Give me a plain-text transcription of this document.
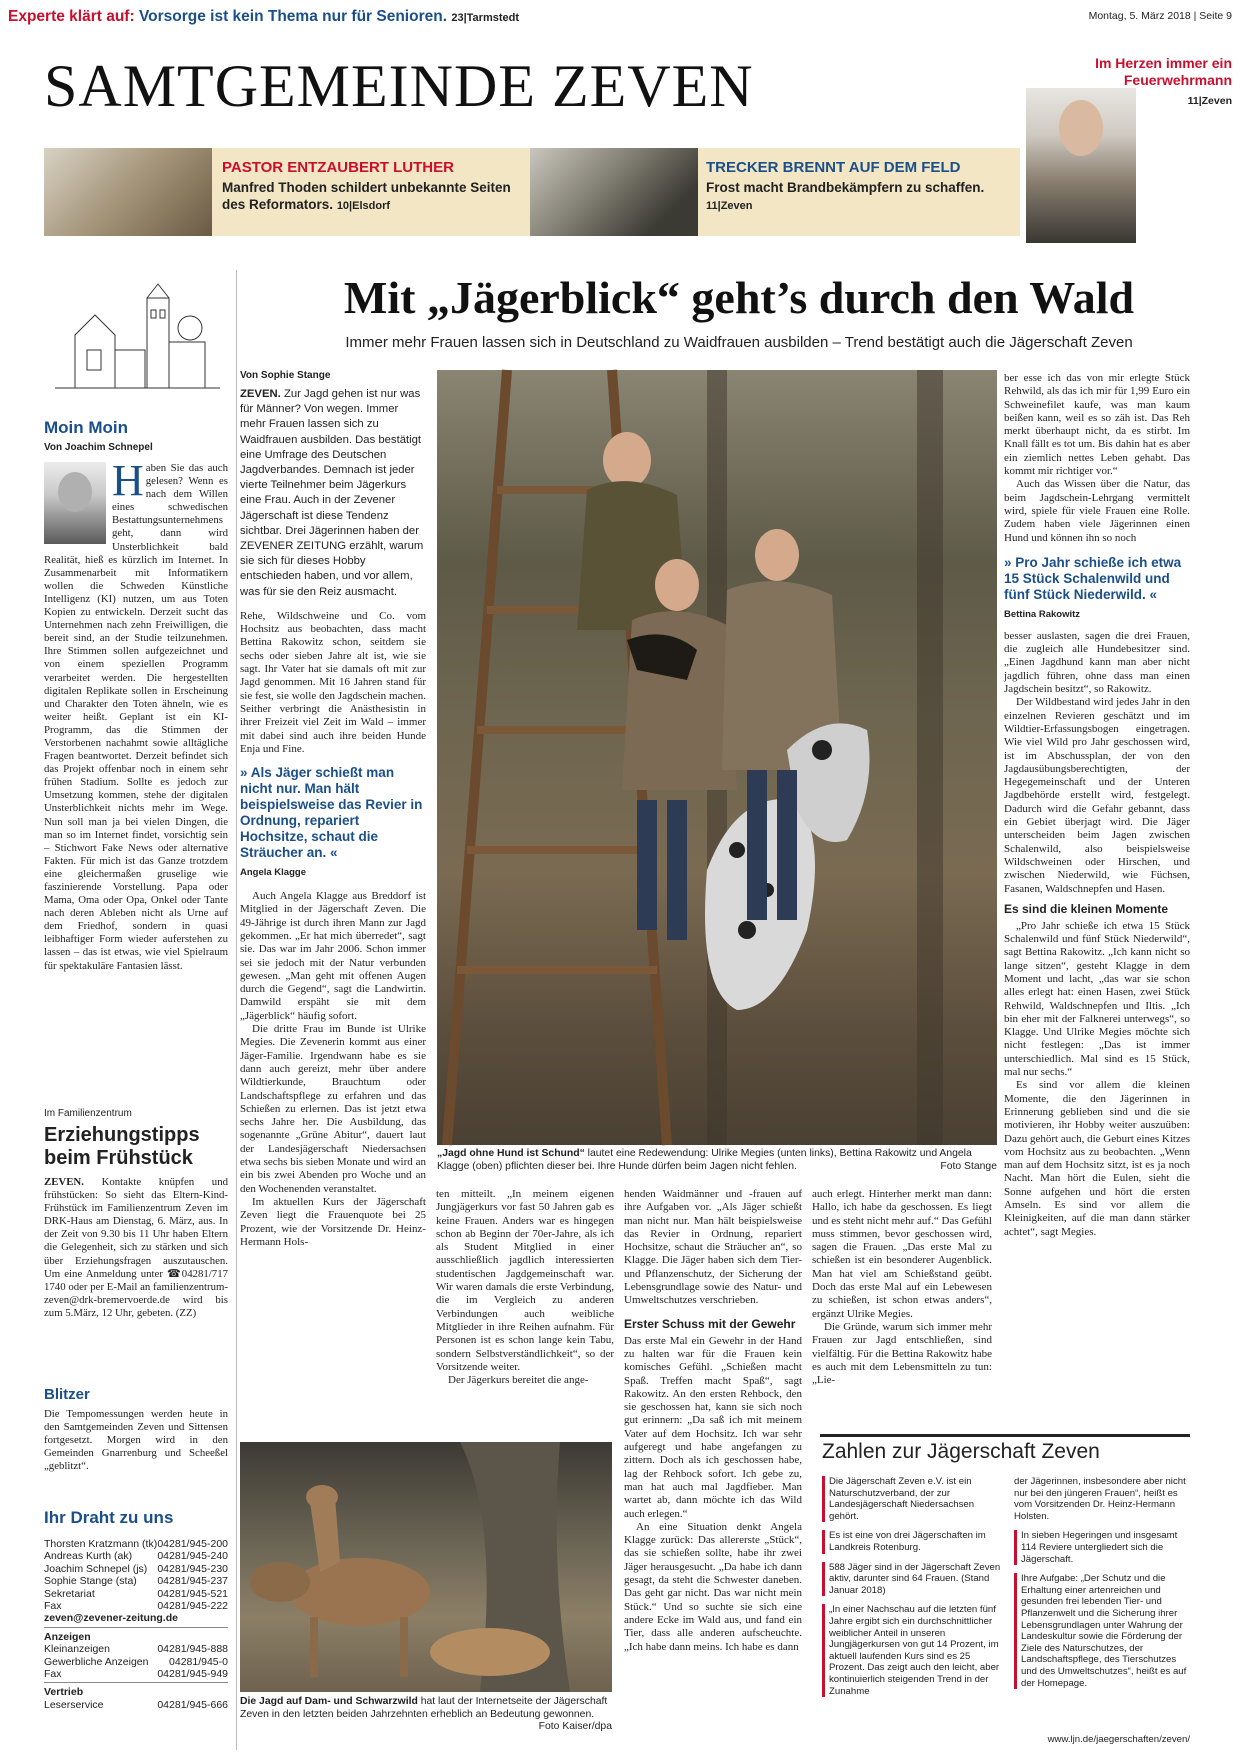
Experte klärt auf: Vorsorge ist kein Thema nur für Senioren. 23|Tarmstedt	Montag, 5. März 2018 | Seite 9
SAMTGEMEINDE ZEVEN	Im Herzen immer ein Feuerwehrmann
11|Zeven
PASTOR ENTZAUBERT LUTHER
Manfred Thoden schildert unbekannte Seiten des Reformators. 10|Elsdorf
TRECKER BRENNT AUF DEM FELD
Frost macht Brandbekämpfern zu schaffen. 11|Zeven
Moin Moin
Von Joachim Schnepel
H aben Sie das auch gelesen? Wenn es nach dem Willen eines schwedischen Bestattungsunternehmens geht, dann wird Unsterblichkeit bald Realität, hieß es kürzlich im Internet. In Zusammenarbeit mit Informatikern wollen die Schweden Künstliche Intelligenz (KI) nutzen, um aus Toten Kopien zu entwickeln. Derzeit sucht das Unternehmen nach zehn Freiwilligen, die bereit sind, an der Studie teilzunehmen. Ihre Stimmen sollen aufgezeichnet und von einem speziellen Programm verarbeitet werden. Die hergestellten digitalen Replikate sollen in Erscheinung und Charakter den Toten ähneln, wie es weiter heißt. Geplant ist ein KI-Programm, das die Stimmen der Verstorbenen nachahmt sowie alltägliche Fragen beantwortet. Derzeit befindet sich das Projekt offenbar noch in einem sehr frühen Stadium. Sollte es jedoch zur Umsetzung kommen, stehe der digitalen Unsterblichkeit nichts mehr im Wege. Nun soll man ja bei vielen Dingen, die man so im Internet findet, vorsichtig sein – Stichwort Fake News oder alternative Fakten. Für mich ist das Ganze trotzdem eine gleichermaßen gruselige wie faszinierende Vorstellung. Papa oder Mama, Oma oder Opa, Onkel oder Tante nach deren Ableben nicht als Urne auf dem Friedhof, sondern in quasi leibhaftiger Form wieder auferstehen zu lassen – das ist etwas, wie viel Spielraum für spektakuläre Fantasien lässt.
Im Familienzentrum
Erziehungstipps beim Frühstück
ZEVEN. Kontakte knüpfen und frühstücken: So sieht das Eltern-Kind-Frühstück im Familienzentrum Zeven im DRK-Haus am Dienstag, 6. März, aus. In der Zeit von 9.30 bis 11 Uhr haben Eltern die Gelegenheit, sich zu stärken und sich über Erziehungsfragen auszutauschen. Um eine Anmeldung unter ☎04281/717 1740 oder per E-Mail an familienzentrum-zeven@drk-bremervoerde.de wird bis zum 5.März, 12 Uhr, gebeten. (ZZ)
Blitzer
Die Tempomessungen werden heute in den Samtgemeinden Zeven und Sittensen fortgesetzt. Morgen wird in den Gemeinden Gnarrenburg und Scheeßel „geblitzt“.
Ihr Draht zu uns
Thorsten Kratzmann (tk) 04281/945-200
Andreas Kurth (ak) 04281/945-240
Joachim Schnepel (js) 04281/945-230
Sophie Stange (sta) 04281/945-237
Sekretariat	04281/945-521
Fax	04281/945-222
zeven@zevener-zeitung.de
Anzeigen
Kleinanzeigen	04281/945-888
Gewerbliche Anzeigen 04281/945-0
Fax	04281/945-949
Vertrieb
Leserservice	04281/945-666
Mit „Jägerblick“ geht’s durch den Wald
Immer mehr Frauen lassen sich in Deutschland zu Waidfrauen ausbilden – Trend bestätigt auch die Jägerschaft Zeven
Von Sophie Stange
ZEVEN. Zur Jagd gehen ist nur was für Männer? Von wegen. Immer mehr Frauen lassen sich zu Waidfrauen ausbilden. Das bestätigt eine Umfrage des Deutschen Jagdverbandes. Demnach ist jeder vierte Teilnehmer beim Jägerkurs eine Frau. Auch in der Zevener Jägerschaft ist diese Tendenz sichtbar. Drei Jägerinnen haben der ZEVENER ZEITUNG erzählt, warum sie sich für dieses Hobby entschieden haben, und vor allem, was für sie den Reiz ausmacht.
Rehe, Wildschweine und Co. vom Hochsitz aus beobachten, dass macht Bettina Rakowitz schon, seitdem sie sechs oder sieben Jahre alt ist, wie sie sagt. Ihr Vater hat sie damals oft mit zur Jagd genommen. Mit 16 Jahren stand für sie fest, sie wolle den Jagdschein machen. Seither verbringt die Anästhesistin in ihrer Freizeit viel Zeit im Wald – immer mit dabei sind auch ihre beiden Hunde Enja und Fine.
» Als Jäger schießt man nicht nur. Man hält beispielsweise das Revier in Ordnung, repariert Hochsitze, schaut die Sträucher an. «
Angela Klagge
Auch Angela Klagge aus Breddorf ist Mitglied in der Jägerschaft Zeven. Die 49-Jährige ist durch ihren Mann zur Jagd gekommen. „Er hat mich überredet“, sagt sie. Das war im Jahr 2006. Schon immer sei sie jedoch mit der Natur verbunden gewesen. „Man geht mit offenen Augen durch die Gegend“, sagt die Landwirtin. Damwild erspäht sie mit dem „Jägerblick“ häufig sofort.
Die dritte Frau im Bunde ist Ulrike Megies. Die Zevenerin kommt aus einer Jäger-Familie. Irgendwann habe es sie dann auch gereizt, mehr über andere Wildtierkunde, Brauchtum oder Landschaftspflege zu erfahren und das Schießen zu erlernen. Das ist jetzt etwa sechs Jahre her. Die Ausbildung, das sogenannte „Grüne Abitur“, dauert laut der Landesjägerschaft Niedersachsen etwa sechs bis sieben Monate und wird an ein bis zwei Abenden pro Woche und an den Wochenenden veranstaltet.
Im aktuellen Kurs der Jägerschaft Zeven liegt die Frauenquote bei 25 Prozent, wie der Vorsitzende Dr. Heinz-Hermann Hols-
„Jagd ohne Hund ist Schund“ lautet eine Redewendung: Ulrike Megies (unten links), Bettina Rakowitz und Angela Klagge (oben) pflichten dieser bei. Ihre Hunde dürfen beim Jagen nicht fehlen.	Foto Stange
ten mitteilt. „In meinem eigenen Jungjägerkurs vor fast 50 Jahren gab es keine Frauen. Anders war es hingegen schon ab Beginn der 70er-Jahre, als ich als Student Mitglied in einer ausschließlich jagdlich interessierten studentischen Jagdgemeinschaft war. Wir waren damals die erste Verbindung, die im Vergleich zu anderen Verbindungen auch weibliche Mitglieder in ihre Reihen aufnahm. Für Personen ist es schon lange kein Tabu, sondern Selbstverständlichkeit“, so der Vorsitzende weiter.
Der Jägerkurs bereitet die ange-
henden Waidmänner und -frauen auf ihre Aufgaben vor. „Als Jäger schießt man nicht nur. Man hält beispielsweise das Revier in Ordnung, repariert Hochsitze, schaut die Sträucher an“, so Klagge. Die Jäger haben sich dem Tier- und Pflanzenschutz, der Sicherung der Lebensgrundlage sowie des Natur- und Umweltschutzes verschrieben.
Erster Schuss mit der Gewehr
Das erste Mal ein Gewehr in der Hand zu halten war für die Frauen kein komisches Gefühl. „Schießen macht Spaß. Treffen macht Spaß“, sagt Rakowitz. An den ersten Rehbock, den sie geschossen hat, kann sie sich noch gut erinnern: „Da saß ich mit meinem Vater auf dem Hochsitz. Ich war sehr aufgeregt und habe angefangen zu zittern. Doch als ich geschossen habe, lag der Rehbock sofort. Ich gebe zu, man hat auch mal Jagdfieber. Man wartet ab, dann möchte ich das Wild auch erlegen.“
An eine Situation denkt Angela Klagge zurück: Das allererste „Stück“, das sie schießen sollte, habe ihr zwei Jäger herausgesucht. „Da habe ich dann gesagt, da steht die Schwester daneben. Das geht gar nicht. Das war nicht mein Stück.“ Und so suchte sie sich eine andere Ecke im Wald aus, und fand ein Tier, dass alle anderen aufscheuchte. „Ich habe dann meins. Ich habe es dann
auch erlegt. Hinterher merkt man dann: Hallo, ich habe da geschossen. Es liegt und es steht nicht mehr auf.“ Das Gefühl muss stimmen, bevor geschossen wird, sagen die Frauen. „Das erste Mal zu schießen ist ein besonderer Augenblick. Man hat viel am Schießstand geübt. Doch das erste Mal auf ein Lebewesen zu schießen, ist schon etwas anders“, ergänzt Ulrike Megies.
Die Gründe, warum sich immer mehr Frauen zur Jagd entschließen, sind vielfältig. Für die Bettina Rakowitz habe es auch mit dem Lebensmitteln zu tun: „Lie-
ber esse ich das von mir erlegte Stück Rehwild, als das ich mir für 1,99 Euro ein Schweinefilet kaufe, was man kaum beißen kann, weil es so zäh ist. Das Reh merkt überhaupt nicht, da es stirbt. Im Knall fällt es tot um. Bis dahin hat es aber ein ziemlich nettes Leben gehabt. Das kommt mir richtiger vor.“
Auch das Wissen über die Natur, das beim Jagdschein-Lehrgang vermittelt wird, spiele für viele Frauen eine Rolle. Zudem haben viele Jägerinnen einen Hund und können ihn so noch
» Pro Jahr schieße ich etwa 15 Stück Schalenwild und fünf Stück Niederwild. «
Bettina Rakowitz
besser auslasten, sagen die drei Frauen, die zugleich alle Hundebesitzer sind. „Einen Jagdhund kann man aber nicht jagdlich führen, ohne dass man einen Jagdschein besitzt“, so Rakowitz.
Der Wildbestand wird jedes Jahr in den einzelnen Revieren geschätzt und im Wildtier-Erfassungsbogen eingetragen. Wie viel Wild pro Jahr geschossen wird, ist im Abschussplan, der von den Jagdausübungsberechtigten, der Hegegemeinschaft und der Unteren Jagdbehörde erstellt wird, festgelegt. Dadurch wird die Gefahr gebannt, dass ein Gebiet überjagt wird. Die Jäger unterscheiden beim Jagen zwischen Schalenwild, also beispielsweise Wildschweinen oder Hirschen, und zwischen Niederwild, wie Füchsen, Fasanen, Waldschnepfen und Hasen.
Es sind die kleinen Momente
„Pro Jahr schieße ich etwa 15 Stück Schalenwild und fünf Stück Niederwild“, sagt Bettina Rakowitz. „Ich kann nicht so lange sitzen“, gesteht Klagge in dem Moment und lacht, „das war sie schon alles erlegt hat: einen Hasen, zwei Stück Rehwild, Waldschnepfen und Iltis. „Ich bin eher mit der Falknerei unterwegs“, so Klagge. Und Ulrike Megies möchte sich nicht festlegen: „Das ist immer unterschiedlich. Mal sind es 15 Stück, mal nur sechs.“
Es sind vor allem die kleinen Momente, die den Jägerinnen in Erinnerung geblieben sind und die sie motivieren, ihr Hobby weiter auszuüben: Dazu gehört auch, die Geburt eines Kitzes vom Hochsitz aus zu beobachten. „Wenn man auf dem Hochsitz sitzt, ist es ja noch Nacht. Man hört die Eulen, sieht die Sonne aufgehen und hört die ersten Amseln. Es sind vor allem die Kleinigkeiten, auf die man dann stärker achtet“, sagt Megies.
Die Jagd auf Dam- und Schwarzwild hat laut der Internetseite der Jägerschaft Zeven in den letzten beiden Jahrzehnten erheblich an Bedeutung gewonnen.
Foto Kaiser/dpa
Zahlen zur Jägerschaft Zeven
Die Jägerschaft Zeven e.V. ist ein Naturschutzverband, der zur Landesjägerschaft Niedersachsen gehört.
Es ist eine von drei Jägerschaften im Landkreis Rotenburg.
588 Jäger sind in der Jägerschaft Zeven aktiv, darunter sind 64 Frauen. (Stand Januar 2018)
„In einer Nachschau auf die letzten fünf Jahre ergibt sich ein durchschnittlicher weiblicher Anteil in unseren Jungjägerkursen von gut 14 Prozent, im aktuell laufenden Kurs sind es 25 Prozent. Das zeigt auch den leicht, aber kontinuierlich steigenden Trend in der Zunahme
der Jägerinnen, insbesondere aber nicht nur bei den jüngeren Frauen“, heißt es vom Vorsitzenden Dr. Heinz-Hermann Holsten.
In sieben Hegeringen und insgesamt 114 Reviere untergliedert sich die Jägerschaft.
Ihre Aufgabe: „Der Schutz und die Erhaltung einer artenreichen und gesunden frei lebenden Tier- und Pflanzenwelt und die Sicherung ihrer Lebensgrundlagen unter Wahrung der Landeskultur sowie die Förderung der Ziele des Naturschutzes, der Landschaftspflege, des Tierschutzes und des Umweltschutzes“, heißt es auf der Homepage.
www.ljn.de/jaegerschaften/zeven/
